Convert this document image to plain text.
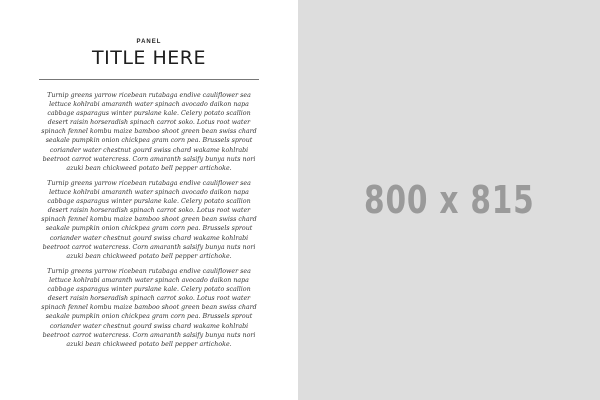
PANEL
TITLE HERE

Turnip greens yarrow ricebean rutabaga endive cauliflower sea lettuce kohlrabi amaranth water spinach avocado daikon napa cabbage asparagus winter purslane kale. Celery potato scallion desert raisin horseradish spinach carrot soko. Lotus root water spinach fennel kombu maize bamboo shoot green bean swiss chard seakale pumpkin onion chickpea gram corn pea. Brussels sprout coriander water chestnut gourd swiss chard wakame kohlrabi beetroot carrot watercress. Corn amaranth salsify bunya nuts nori azuki bean chickweed potato bell pepper artichoke.

Turnip greens yarrow ricebean rutabaga endive cauliflower sea lettuce kohlrabi amaranth water spinach avocado daikon napa cabbage asparagus winter purslane kale. Celery potato scallion desert raisin horseradish spinach carrot soko. Lotus root water spinach fennel kombu maize bamboo shoot green bean swiss chard seakale pumpkin onion chickpea gram corn pea. Brussels sprout coriander water chestnut gourd swiss chard wakame kohlrabi beetroot carrot watercress. Corn amaranth salsify bunya nuts nori azuki bean chickweed potato bell pepper artichoke.

Turnip greens yarrow ricebean rutabaga endive cauliflower sea lettuce kohlrabi amaranth water spinach avocado daikon napa cabbage asparagus winter purslane kale. Celery potato scallion desert raisin horseradish spinach carrot soko. Lotus root water spinach fennel kombu maize bamboo shoot green bean swiss chard seakale pumpkin onion chickpea gram corn pea. Brussels sprout coriander water chestnut gourd swiss chard wakame kohlrabi beetroot carrot watercress. Corn amaranth salsify bunya nuts nori azuki bean chickweed potato bell pepper artichoke.

800 x 815
